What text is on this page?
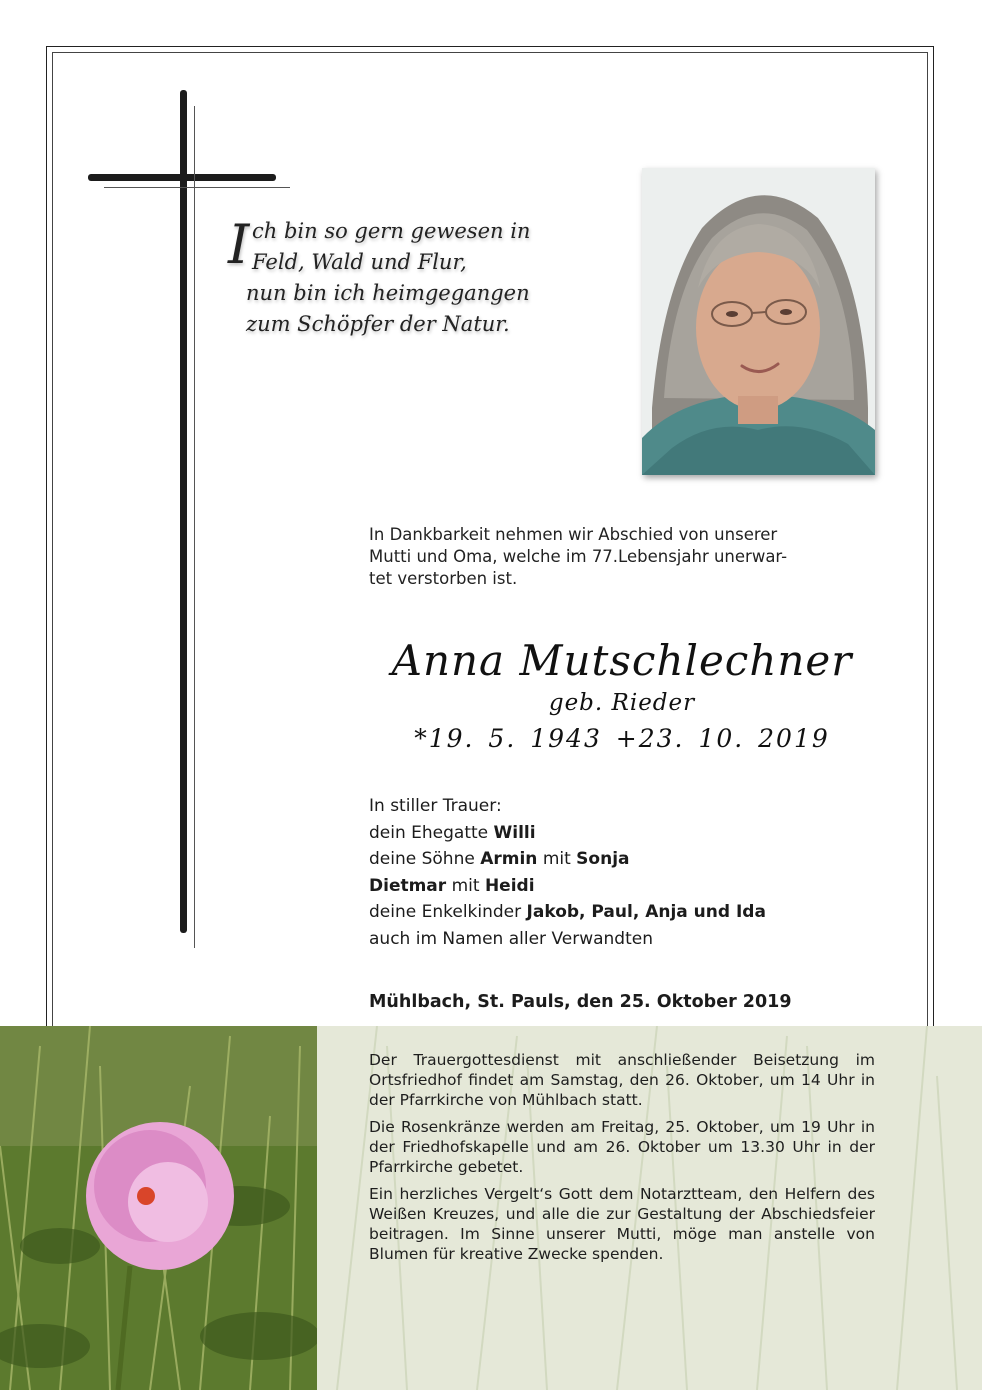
I ch bin so gern gewesen in
Feld, Wald und Flur,
nun bin ich heimgegangen
zum Schöpfer der Natur.
In Dankbarkeit nehmen wir Abschied von unserer
Mutti und Oma, welche im 77.Lebensjahr unerwar-
tet verstorben ist.
Anna Mutschlechner
geb. Rieder
*19. 5. 1943 +23. 10. 2019
In stiller Trauer:
dein Ehegatte Willi
deine Söhne Armin mit Sonja
Dietmar mit Heidi
deine Enkelkinder Jakob, Paul, Anja und Ida
auch im Namen aller Verwandten
Mühlbach, St. Pauls, den 25. Oktober 2019

Der Trauergottesdienst mit anschließender Beisetzung im Ortsfriedhof findet am Samstag, den 26. Oktober, um 14 Uhr in der Pfarrkirche von Mühlbach statt.

Die Rosenkränze werden am Freitag, 25. Oktober, um 19 Uhr in der Friedhofskapelle und am 26. Oktober um 13.30 Uhr in der Pfarrkirche gebetet.

Ein herzliches Vergelt‘s Gott dem Notarztteam, den Helfern des Weißen Kreuzes, und alle die zur Gestaltung der Abschiedsfeier beitragen. Im Sinne unserer Mutti, möge man anstelle von Blumen für kreative Zwecke spenden.
